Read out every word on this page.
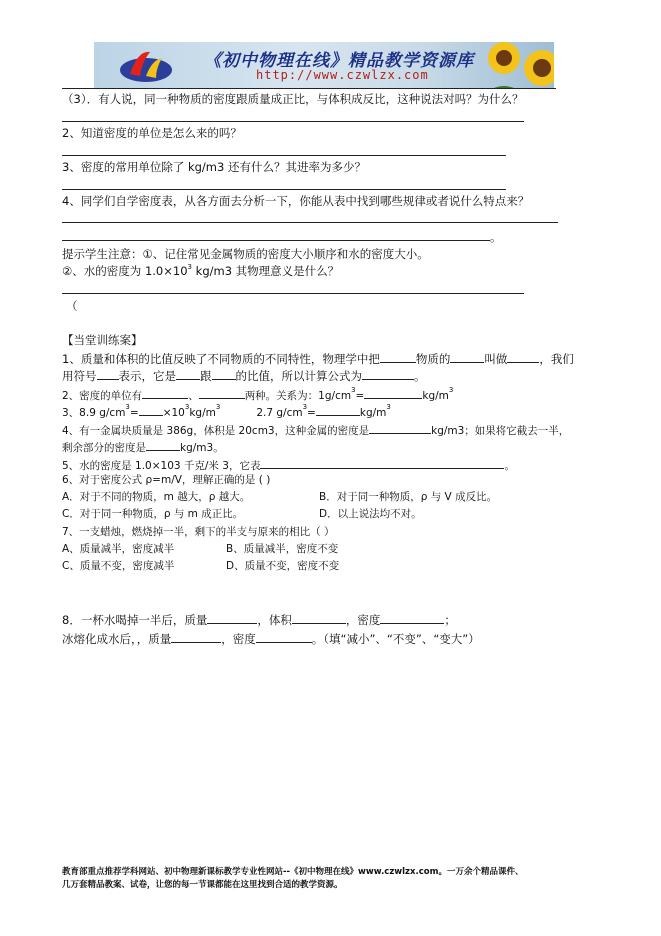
《初中物理在线》精品教学资源库
http://www.czwlzx.com
（3）．有人说，同一种物质的密度跟质量成正比，与体积成反比，这种说法对吗？为什么？
2、知道密度的单位是怎么来的吗？
3、密度的常用单位除了 kg/m3 还有什么？其进率为多少？
4、同学们自学密度表，从各方面去分析一下，你能从表中找到哪些规律或者说什么特点来？
。
提示学生注意：①、记住常见金属物质的密度大小顺序和水的密度大小。
②、水的密度为 $1.0\times 10^3$ kg/m3 其物理意义是什么？
（
【当堂训练案】
1、质量和体积的比值反映了不同物质的不同特性，物理学中把	物质的	叫做	，我们
用符号 表示，它是 跟 的比值，所以计算公式为	。
2、密度的单位有	、	两种。关系为：$1g/cm^3=$	$kg/m^3$
3、8.9 $g/cm^3= \times 10^3kg/m^3$	2.7 $g/cm^3=$	$kg/m^3$
4、有一金属块质量是 386g，体积是 20cm3，这种金属的密度是	kg/m3；如果将它截去一半，
剩余部分的密度是	kg/m3。
5、水的密度是 1.0×103 千克/米 3，它表	。
6、对于密度公式 ρ=m/V，理解正确的是 ( )
A．对于不同的物质，m 越大，ρ 越大。	B．对于同一种物质，ρ 与 V 成反比。
C．对于同一种物质，ρ 与 m 成正比。	D．以上说法均不对。
7、一支蜡烛，燃烧掉一半，剩下的半支与原来的相比（ ）
A、质量减半，密度减半	B、质量减半，密度不变
C、质量不变，密度减半	D、质量不变，密度不变
8．一杯水喝掉一半后，质量	，体积	，密度	；
冰熔化成水后，，质量	，密度	。（填“减小”、“不变”、“变大”）
教育部重点推荐学科网站、初中物理新课标教学专业性网站--《初中物理在线》www.czwlzx.com。一万余个精品课件、
几万套精品教案、试卷，让您的每一节课都能在这里找到合适的教学资源。
